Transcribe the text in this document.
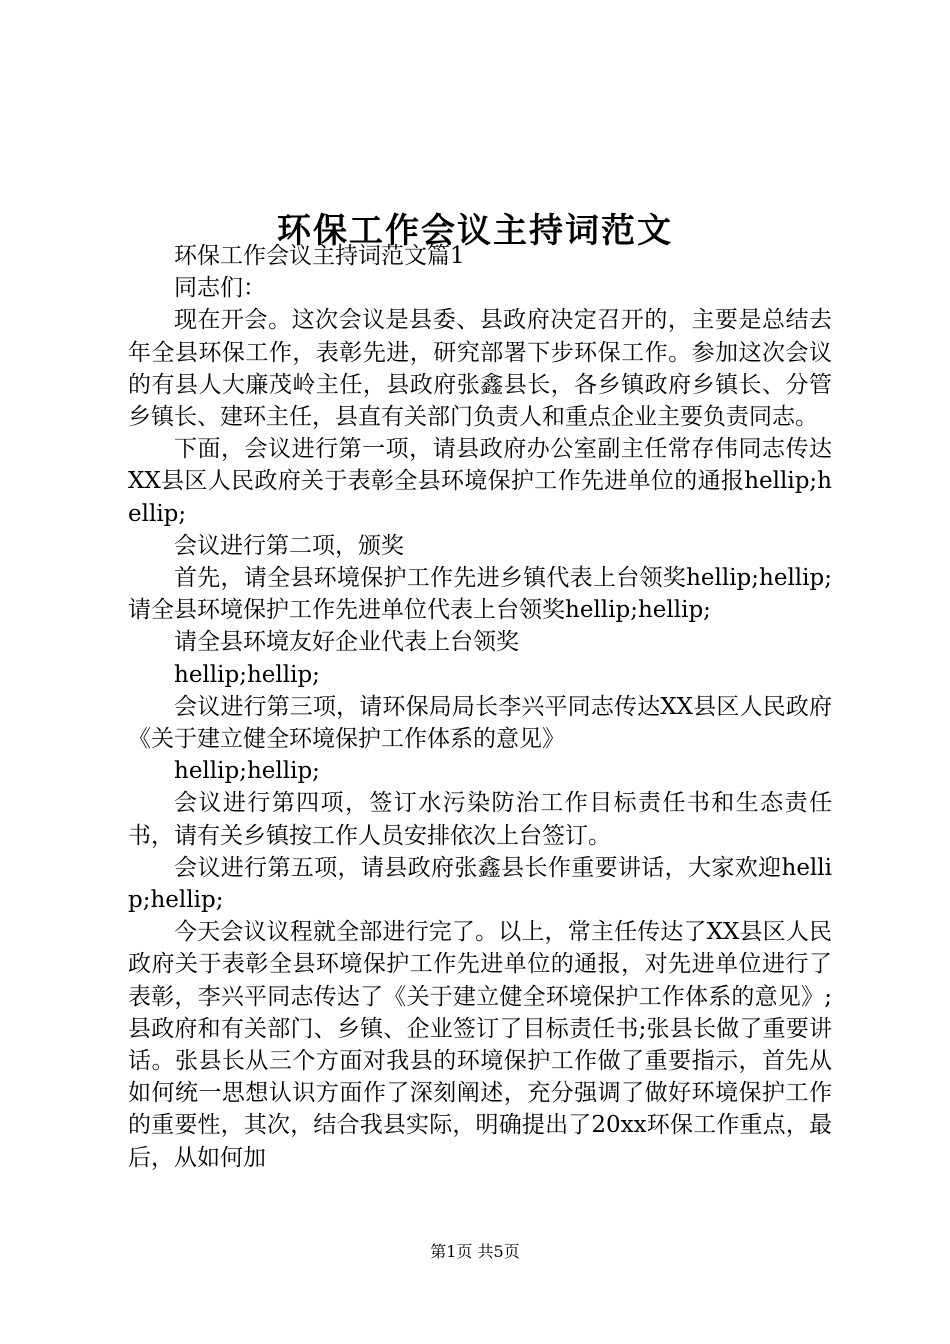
环保工作会议主持词范文

环保工作会议主持词范文篇1

同志们：

现在开会。这次会议是县委、县政府决定召开的，主要是总结去年全县环保工作，表彰先进，研究部署下步环保工作。参加这次会议的有县人大廉茂岭主任，县政府张鑫县长，各乡镇政府乡镇长、分管乡镇长、建环主任，县直有关部门负责人和重点企业主要负责同志。

下面，会议进行第一项，请县政府办公室副主任常存伟同志传达XX县区人民政府关于表彰全县环境保护工作先进单位的通报hellip;hellip;

会议进行第二项，颁奖

首先，请全县环境保护工作先进乡镇代表上台领奖hellip;hellip;请全县环境保护工作先进单位代表上台领奖hellip;hellip;

请全县环境友好企业代表上台领奖

hellip;hellip;

会议进行第三项，请环保局局长李兴平同志传达XX县区人民政府《关于建立健全环境保护工作体系的意见》

hellip;hellip;

会议进行第四项，签订水污染防治工作目标责任书和生态责任书，请有关乡镇按工作人员安排依次上台签订。

会议进行第五项，请县政府张鑫县长作重要讲话，大家欢迎hellip;hellip;

今天会议议程就全部进行完了。以上，常主任传达了XX县区人民政府关于表彰全县环境保护工作先进单位的通报，对先进单位进行了表彰，李兴平同志传达了《关于建立健全环境保护工作体系的意见》;县政府和有关部门、乡镇、企业签订了目标责任书;张县长做了重要讲话。张县长从三个方面对我县的环境保护工作做了重要指示，首先从如何统一思想认识方面作了深刻阐述，充分强调了做好环境保护工作的重要性，其次，结合我县实际，明确提出了20xx环保工作重点，最后，从如何加

第1页 共5页
